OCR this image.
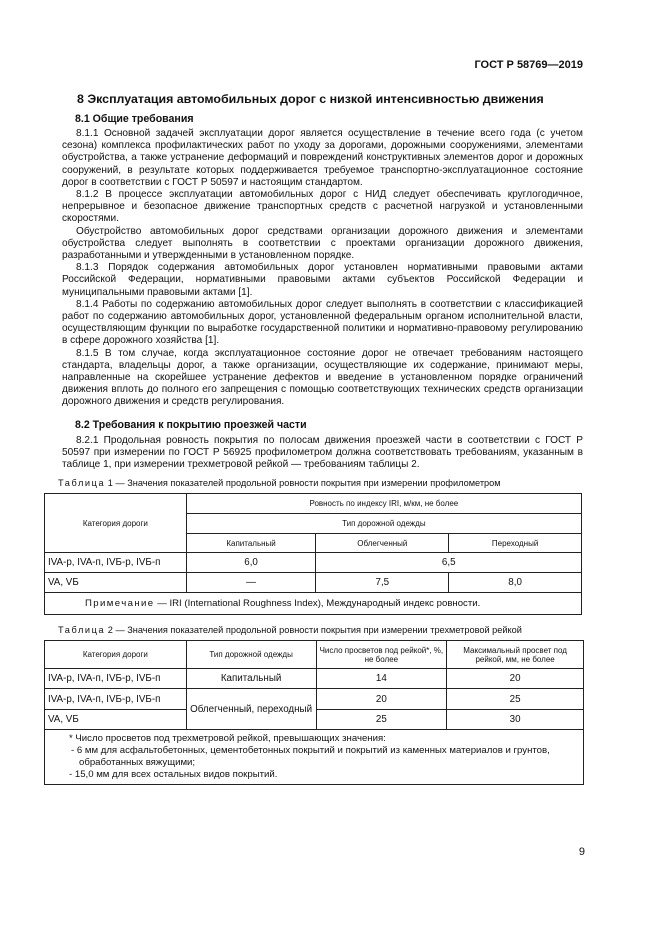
ГОСТ Р 58769—2019
8 Эксплуатация автомобильных дорог с низкой интенсивностью движения
8.1 Общие требования

8.1.1 Основной задачей эксплуатации дорог является осуществление в течение всего года (с учетом сезона) комплекса профилактических работ по уходу за дорогами, дорожными сооружениями, элементами обустройства, а также устранение деформаций и повреждений конструктивных элементов дорог и дорожных сооружений, в результате которых поддерживается требуемое транспортно-эксплуатационное состояние дорог в соответствии с ГОСТ Р 50597 и настоящим стандартом.

8.1.2 В процессе эксплуатации автомобильных дорог с НИД следует обеспечивать круглогодичное, непрерывное и безопасное движение транспортных средств с расчетной нагрузкой и установленными скоростями.

Обустройство автомобильных дорог средствами организации дорожного движения и элементами обустройства следует выполнять в соответствии с проектами организации дорожного движения, разработанными и утвержденными в установленном порядке.

8.1.3 Порядок содержания автомобильных дорог установлен нормативными правовыми актами Российской Федерации, нормативными правовыми актами субъектов Российской Федерации и муниципальными правовыми актами [1].

8.1.4 Работы по содержанию автомобильных дорог следует выполнять в соответствии с классификацией работ по содержанию автомобильных дорог, установленной федеральным органом исполнительной власти, осуществляющим функции по выработке государственной политики и нормативно-правовому регулированию в сфере дорожного хозяйства [1].

8.1.5 В том случае, когда эксплуатационное состояние дорог не отвечает требованиям настоящего стандарта, владельцы дорог, а также организации, осуществляющие их содержание, принимают меры, направленные на скорейшее устранение дефектов и введение в установленном порядке ограничений движения вплоть до полного его запрещения с помощью соответствующих технических средств организации дорожного движения и средств регулирования.

8.2 Требования к покрытию проезжей части

8.2.1 Продольная ровность покрытия по полосам движения проезжей части в соответствии с ГОСТ Р 50597 при измерении по ГОСТ Р 56925 профилометром должна соответствовать требованиям, указанным в таблице 1, при измерении трехметровой рейкой — требованиям таблицы 2.

Таблица 1 — Значения показателей продольной ровности покрытия при измерении профилометром
Категория дороги	Ровность по индексу IRI, м/км, не более		
	Тип дорожной одежды		
	Капитальный	Облегченный	Переходный
IVA-р, IVA-п, IVБ-р, IVБ-п	6,0	6,5	
VA, VБ	—	7,5	8,0
Примечание — IRI (International Roughness Index), Международный индекс ровности.			
Таблица 2 — Значения показателей продольной ровности покрытия при измерении трехметровой рейкой
Категория дороги	Тип дорожной одежды	Число просветов под рейкой*, %, не более	Максимальный просвет под рейкой, мм, не более
IVA-р, IVA-п, IVБ-р, IVБ-п	Капитальный	14	20
IVA-р, IVA-п, IVБ-р, IVБ-п	Облегченный, переходный	20	25
VA, VБ		25	30

* Число просветов под трехметровой рейкой, превышающих значения:
- 6 мм для асфальтобетонных, цементобетонных покрытий и покрытий из каменных материалов и грунтов, обработанных вяжущими;
- 15,0 мм для всех остальных видов покрытий.			
9
